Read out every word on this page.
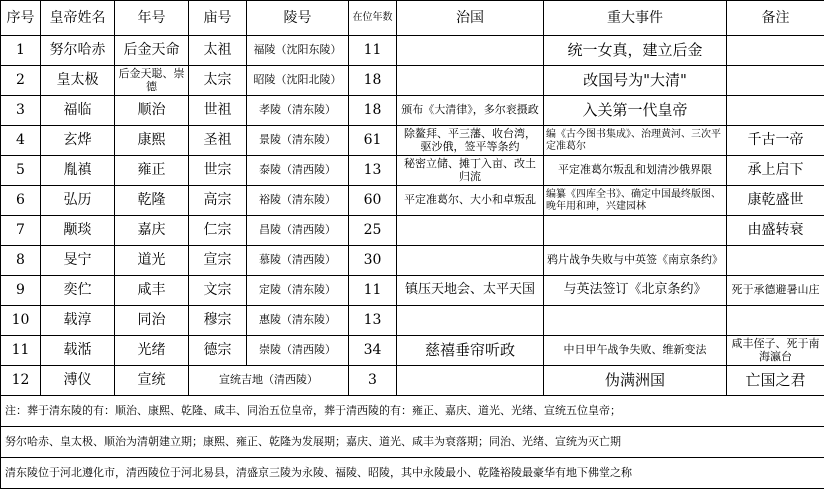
序号	皇帝姓名	年号	庙号	陵号	在位年数	治国	重大事件	备注
1	努尔哈赤	后金天命	太祖	福陵（沈阳东陵）	11		统一女真，建立后金	
2	皇太极	后金天聪、崇德	太宗	昭陵（沈阳北陵）	18		改国号为"大清"	
3	福临	顺治	世祖	孝陵（清东陵）	18	颁布《大清律》，多尔衮摄政	入关第一代皇帝	
4	玄烨	康熙	圣祖	景陵（清东陵）	61	除鳌拜、平三藩、收台湾，驱沙俄，签平等条约	编《古今图书集成》、治理黄河、三次平定准葛尔	千古一帝
5	胤禛	雍正	世宗	泰陵（清西陵）	13	秘密立储、摊丁入亩、改土归流	平定准葛尔叛乱和划清沙俄界限	承上启下
6	弘历	乾隆	高宗	裕陵（清东陵）	60	平定准葛尔、大小和卓叛乱	编纂《四库全书》、确定中国最终版图、晚年用和珅，兴建园林	康乾盛世
7	颙琰	嘉庆	仁宗	昌陵（清西陵）	25			由盛转衰
8	旻宁	道光	宣宗	慕陵（清西陵）	30		鸦片战争失败与中英签《南京条约》	
9	奕伫	咸丰	文宗	定陵（清东陵）	11	镇压天地会、太平天国	与英法签订《北京条约》	死于承德避暑山庄
10	载淳	同治	穆宗	惠陵（清东陵）	13			
11	载湉	光绪	德宗	崇陵（清西陵）	34	慈禧垂帘听政	中日甲午战争失败、维新变法	咸丰侄子、死于南海瀛台
12	溥仪	宣统	宣统吉地（清西陵）		3		伪满洲国	亡国之君
注：葬于清东陵的有：顺治、康熙、乾隆、咸丰、同治五位皇帝，葬于清西陵的有：雍正、嘉庆、道光、光绪、宣统五位皇帝；								
努尔哈赤、皇太极、顺治为清朝建立期；康熙、雍正、乾隆为发展期；嘉庆、道光、咸丰为衰落期；同治、光绪、宣统为灭亡期								
清东陵位于河北遵化市，清西陵位于河北易县，清盛京三陵为永陵、福陵、昭陵，其中永陵最小、乾隆裕陵最豪华有地下佛堂之称								
